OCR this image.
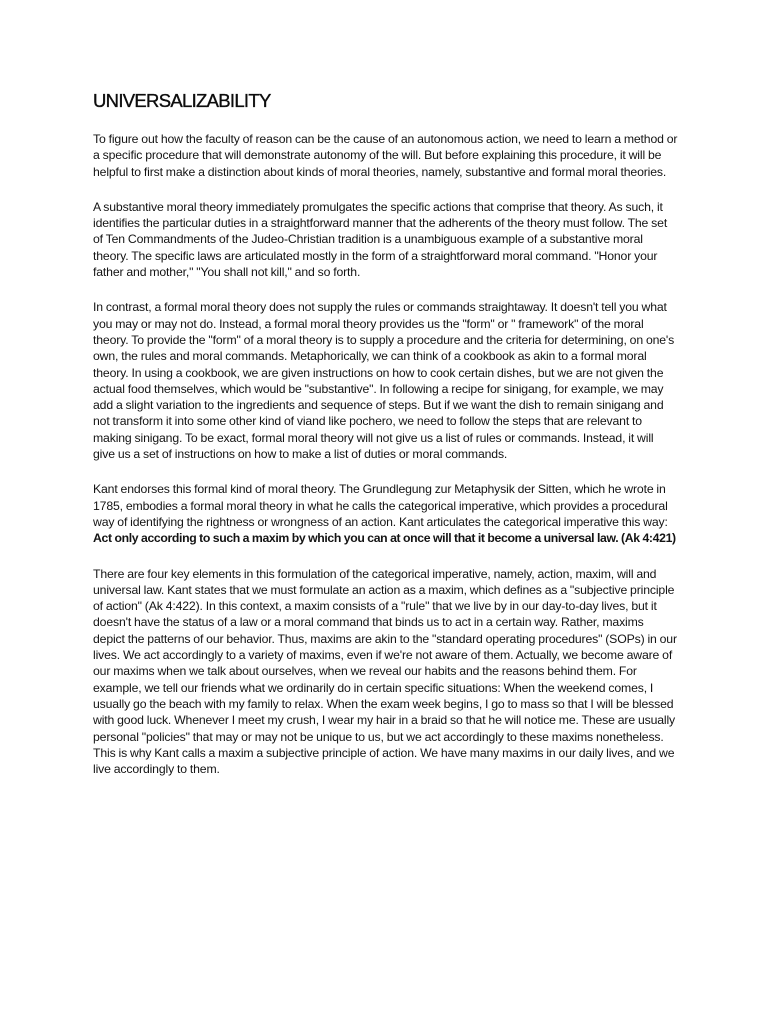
UNIVERSALIZABILITY

To figure out how the faculty of reason can be the cause of an autonomous action, we need to learn a method or a specific procedure that will demonstrate autonomy of the will. But before explaining this procedure, it will be helpful to first make a distinction about kinds of moral theories, namely, substantive and formal moral theories.

A substantive moral theory immediately promulgates the specific actions that comprise that theory. As such, it identifies the particular duties in a straightforward manner that the adherents of the theory must follow. The set of Ten Commandments of the Judeo-Christian tradition is a unambiguous example of a substantive moral theory. The specific laws are articulated mostly in the form of a straightforward moral command. "Honor your father and mother," "You shall not kill," and so forth.

In contrast, a formal moral theory does not supply the rules or commands straightaway. It doesn't tell you what you may or may not do. Instead, a formal moral theory provides us the "form" or " framework" of the moral theory. To provide the "form" of a moral theory is to supply a procedure and the criteria for determining, on one's own, the rules and moral commands. Metaphorically, we can think of a cookbook as akin to a formal moral theory. In using a cookbook, we are given instructions on how to cook certain dishes, but we are not given the actual food themselves, which would be "substantive". In following a recipe for sinigang, for example, we may add a slight variation to the ingredients and sequence of steps. But if we want the dish to remain sinigang and not transform it into some other kind of viand like pochero, we need to follow the steps that are relevant to making sinigang. To be exact, formal moral theory will not give us a list of rules or commands. Instead, it will give us a set of instructions on how to make a list of duties or moral commands.

Kant endorses this formal kind of moral theory. The Grundlegung zur Metaphysik der Sitten, which he wrote in 1785, embodies a formal moral theory in what he calls the categorical imperative, which provides a procedural way of identifying the rightness or wrongness of an action. Kant articulates the categorical imperative this way: Act only according to such a maxim by which you can at once will that it become a universal law. (Ak 4:421)

There are four key elements in this formulation of the categorical imperative, namely, action, maxim, will and universal law. Kant states that we must formulate an action as a maxim, which defines as a "subjective principle of action" (Ak 4:422). In this context, a maxim consists of a "rule" that we live by in our day-to-day lives, but it doesn't have the status of a law or a moral command that binds us to act in a certain way. Rather, maxims depict the patterns of our behavior. Thus, maxims are akin to the "standard operating procedures" (SOPs) in our lives. We act accordingly to a variety of maxims, even if we're not aware of them. Actually, we become aware of our maxims when we talk about ourselves, when we reveal our habits and the reasons behind them. For example, we tell our friends what we ordinarily do in certain specific situations: When the weekend comes, I usually go the beach with my family to relax. When the exam week begins, I go to mass so that I will be blessed with good luck. Whenever I meet my crush, I wear my hair in a braid so that he will notice me. These are usually personal "policies" that may or may not be unique to us, but we act accordingly to these maxims nonetheless. This is why Kant calls a maxim a subjective principle of action. We have many maxims in our daily lives, and we live accordingly to them.
